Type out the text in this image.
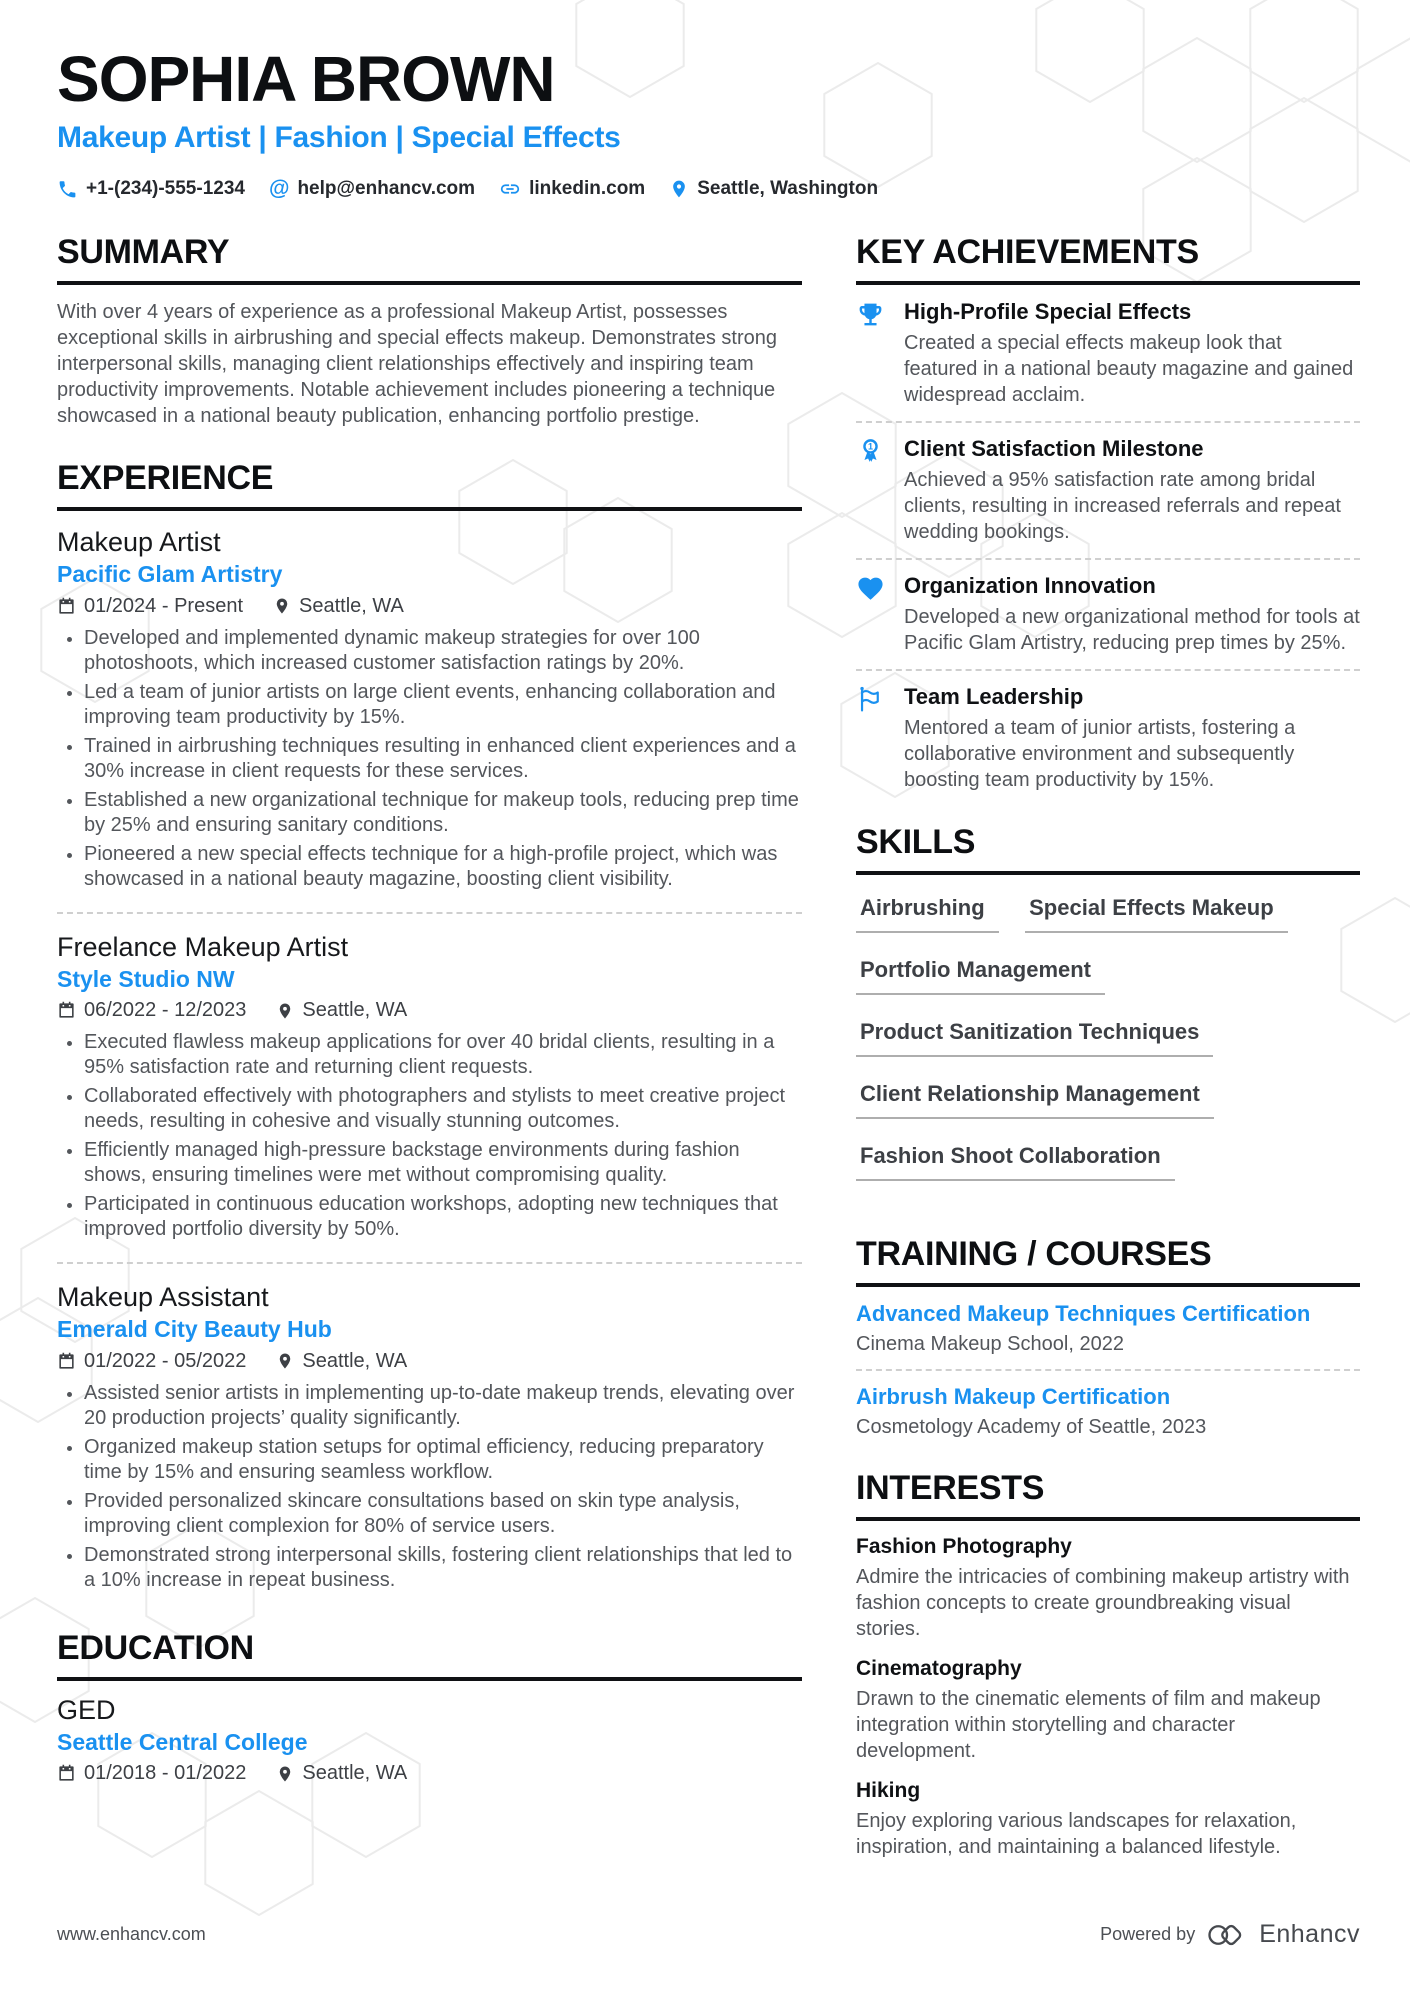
SOPHIA BROWN
Makeup Artist | Fashion | Special Effects
+1-(234)-555-1234 @ help@enhancv.com	linkedin.com	Seattle, Washington
SUMMARY

With over 4 years of experience as a professional Makeup Artist, possesses exceptional skills in airbrushing and special effects makeup. Demonstrates strong interpersonal skills, managing client relationships effectively and inspiring team productivity improvements. Notable achievement includes pioneering a technique showcased in a national beauty publication, enhancing portfolio prestige.

EXPERIENCE
Makeup Artist
Pacific Glam Artistry
01/2024 - Present	Seattle, WA
• Developed and implemented dynamic makeup strategies for over 100 photoshoots, which increased customer satisfaction ratings by 20%.
• Led a team of junior artists on large client events, enhancing collaboration and improving team productivity by 15%.
• Trained in airbrushing techniques resulting in enhanced client experiences and a 30% increase in client requests for these services.
• Established a new organizational technique for makeup tools, reducing prep time by 25% and ensuring sanitary conditions.
• Pioneered a new special effects technique for a high-profile project, which was showcased in a national beauty magazine, boosting client visibility.
Freelance Makeup Artist
Style Studio NW
06/2022 - 12/2023	Seattle, WA
• Executed flawless makeup applications for over 40 bridal clients, resulting in a 95% satisfaction rate and returning client requests.
• Collaborated effectively with photographers and stylists to meet creative project needs, resulting in cohesive and visually stunning outcomes.
• Efficiently managed high-pressure backstage environments during fashion shows, ensuring timelines were met without compromising quality.
• Participated in continuous education workshops, adopting new techniques that improved portfolio diversity by 50%.
Makeup Assistant
Emerald City Beauty Hub
01/2022 - 05/2022	Seattle, WA
• Assisted senior artists in implementing up-to-date makeup trends, elevating over 20 production projects’ quality significantly.
• Organized makeup station setups for optimal efficiency, reducing preparatory time by 15% and ensuring seamless workflow.
• Provided personalized skincare consultations based on skin type analysis, improving client complexion for 80% of service users.
• Demonstrated strong interpersonal skills, fostering client relationships that led to a 10% increase in repeat business.
EDUCATION
GED
Seattle Central College
01/2018 - 01/2022	Seattle, WA
KEY ACHIEVEMENTS
High-Profile Special Effects
Created a special effects makeup look that featured in a national beauty magazine and gained widespread acclaim.
1 Client Satisfaction Milestone
Achieved a 95% satisfaction rate among bridal clients, resulting in increased referrals and repeat wedding bookings.
Organization Innovation
Developed a new organizational method for tools at Pacific Glam Artistry, reducing prep times by 25%.
Team Leadership
Mentored a team of junior artists, fostering a collaborative environment and subsequently boosting team productivity by 15%.
SKILLS
Airbrushing Special Effects Makeup Portfolio Management Product Sanitization Techniques Client Relationship Management Fashion Shoot Collaboration
TRAINING / COURSES
Advanced Makeup Techniques Certification
Cinema Makeup School, 2022
Airbrush Makeup Certification
Cosmetology Academy of Seattle, 2023
INTERESTS
Fashion Photography
Admire the intricacies of combining makeup artistry with fashion concepts to create groundbreaking visual stories.
Cinematography
Drawn to the cinematic elements of film and makeup integration within storytelling and character development.
Hiking
Enjoy exploring various landscapes for relaxation, inspiration, and maintaining a balanced lifestyle.
www.enhancv.com	Powered by	Enhancv
